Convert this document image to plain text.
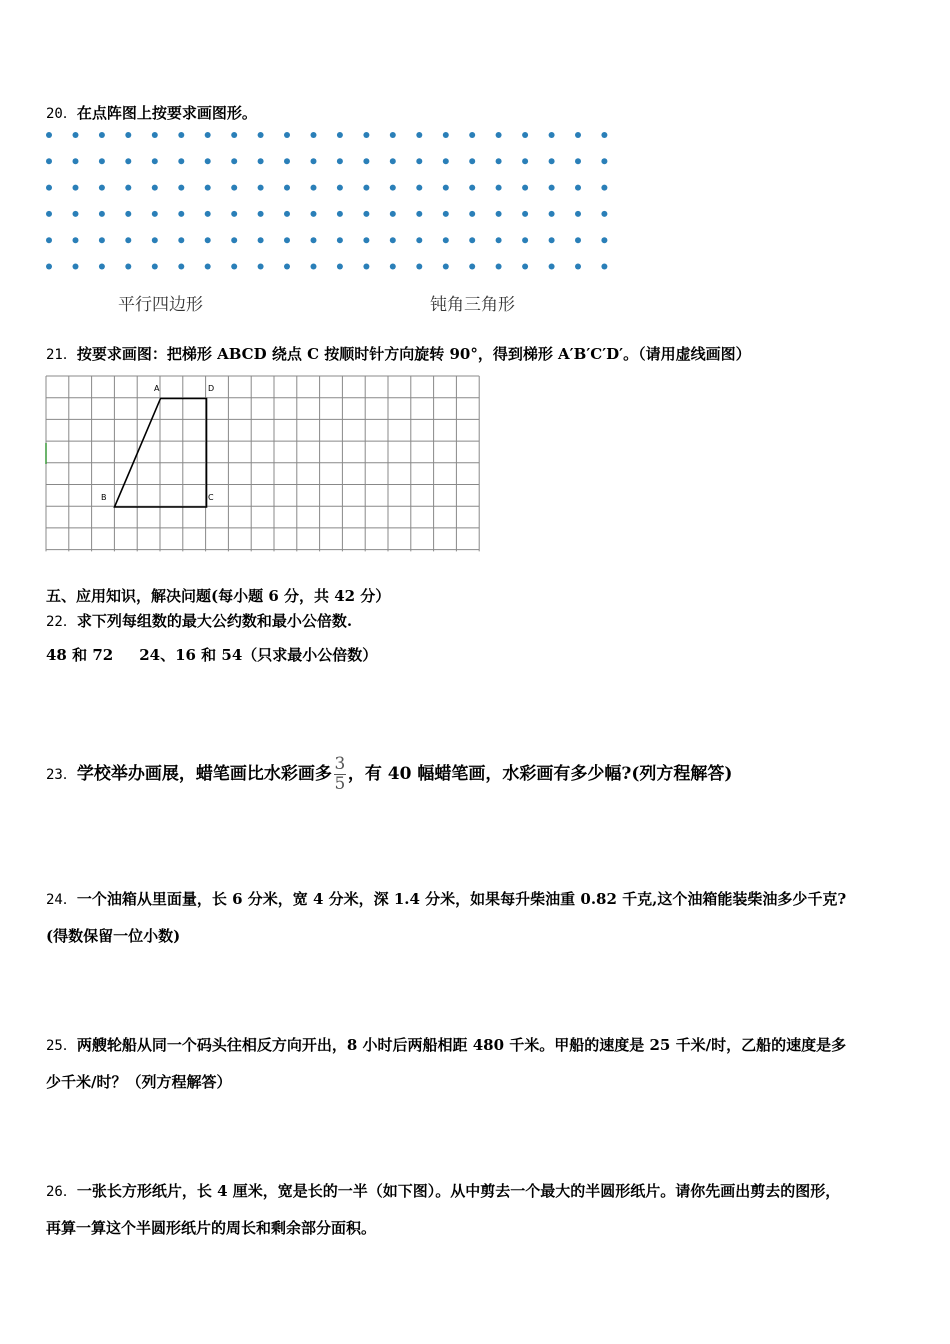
20．在点阵图上按要求画图形。
平行四边形	钝角三角形
21．按要求画图：把梯形 ABCD 绕点 C 按顺时针方向旋转 90°，得到梯形 A′B′C′D′。（请用虚线画图）
A	D
B	C
五、应用知识，解决问题(每小题 6 分，共 42 分）
22．求下列每组数的最大公约数和最小公倍数.
48 和 72 24、16 和 54（只求最小公倍数）
23．学校举办画展，蜡笔画比水彩画多 $\frac{3}{5}$ ，有 40 幅蜡笔画，水彩画有多少幅?(列方程解答)
24．一个油箱从里面量，长 6 分米，宽 4 分米，深 1.4 分米，如果每升柴油重 0.82 千克,这个油箱能装柴油多少千克?
(得数保留一位小数)
25．两艘轮船从同一个码头往相反方向开出，8 小时后两船相距 480 千米。甲船的速度是 25 千米/时，乙船的速度是多
少千米/时？（列方程解答）
26．一张长方形纸片，长 4 厘米，宽是长的一半（如下图）。从中剪去一个最大的半圆形纸片。请你先画出剪去的图形，
再算一算这个半圆形纸片的周长和剩余部分面积。
